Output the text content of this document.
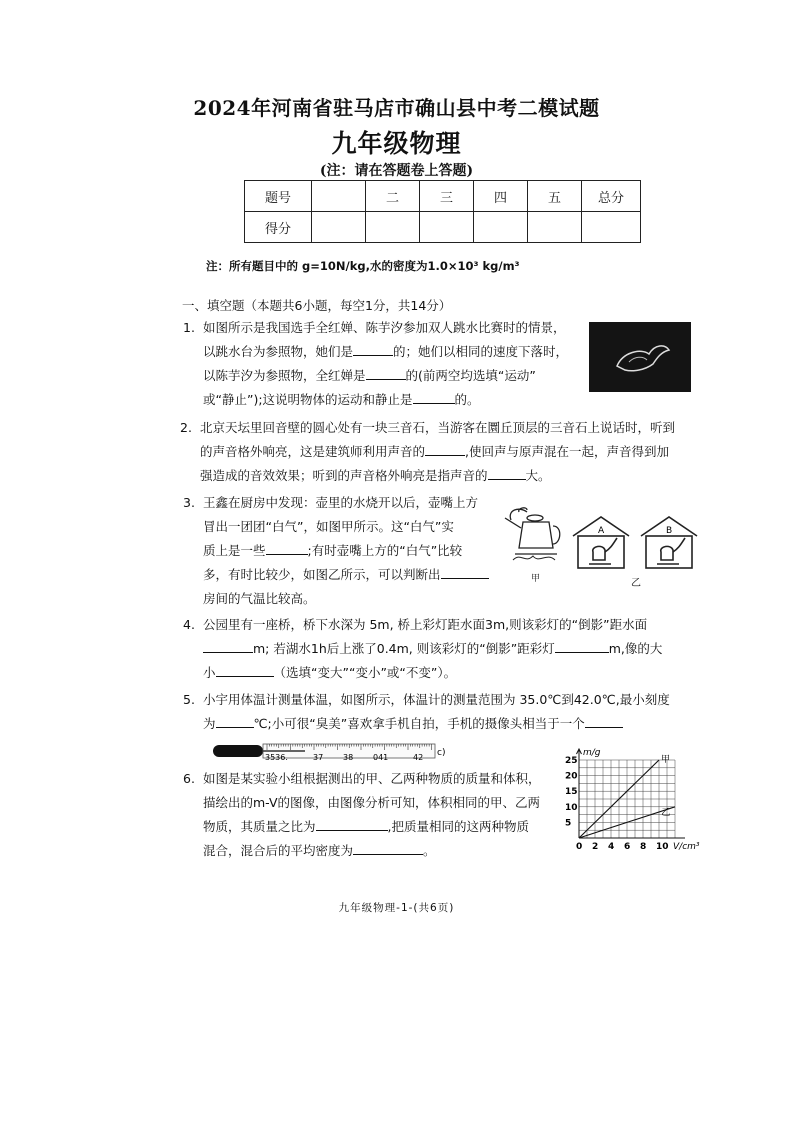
2024年河南省驻马店市确山县中考二模试题
九年级物理
(注：请在答题卷上答题)
题号		二	三	四	五	总分
得分						
注：所有题目中的 g=10N/kg,水的密度为1.0×10³ kg/m³
一、填空题（本题共6小题，每空1分，共14分）
1. 如图所示是我国选手全红婵、陈芋汐参加双人跳水比赛时的情景，

以跳水台为参照物，她们是	的；她们以相同的速度下落时，

以陈芋汐为参照物，全红婵是	的(前两空均选填“运动”

或“静止”);这说明物体的运动和静止是	的。

2. 北京天坛里回音壁的圆心处有一块三音石，当游客在圜丘顶层的三音石上说话时，听到

的声音格外响亮，这是建筑师利用声音的	,使回声与原声混在一起，声音得到加

强造成的音效效果；听到的声音格外响亮是指声音的	大。

3. 王鑫在厨房中发现：壶里的水烧开以后，壶嘴上方

冒出一团团“白气”，如图甲所示。这“白气”实

质上是一些	;有时壶嘴上方的“白气”比较

多，有时比较少，如图乙所示，可以判断出

房间的气温比较高。

甲
A	B
乙
4. 公园里有一座桥，桥下水深为 5m, 桥上彩灯距水面3m,则该彩灯的“倒影”距水面

m; 若湖水1h后上涨了0.4m, 则该彩灯的“倒影”距彩灯	m,像的大

小	（选填“变大”“变小”或“不变”）。

5. 小宇用体温计测量体温，如图所示，体温计的测量范围为 35.0℃到42.0℃,最小刻度

为	℃;小可很“臭美”喜欢拿手机自拍，手机的摄像头相当于一个

3536.	37 38 041	42 c)
6. 如图是某实验小组根据测出的甲、乙两种物质的质量和体积，

描绘出的m-V的图像，由图像分析可知，体积相同的甲、乙两

物质，其质量之比为	,把质量相同的这两种物质

混合，混合后的平均密度为	。	0 2 4 6 8 10
5
10
15
20
25
m/g
V/cm³
甲
乙
九年级物理-1-(共6页)
